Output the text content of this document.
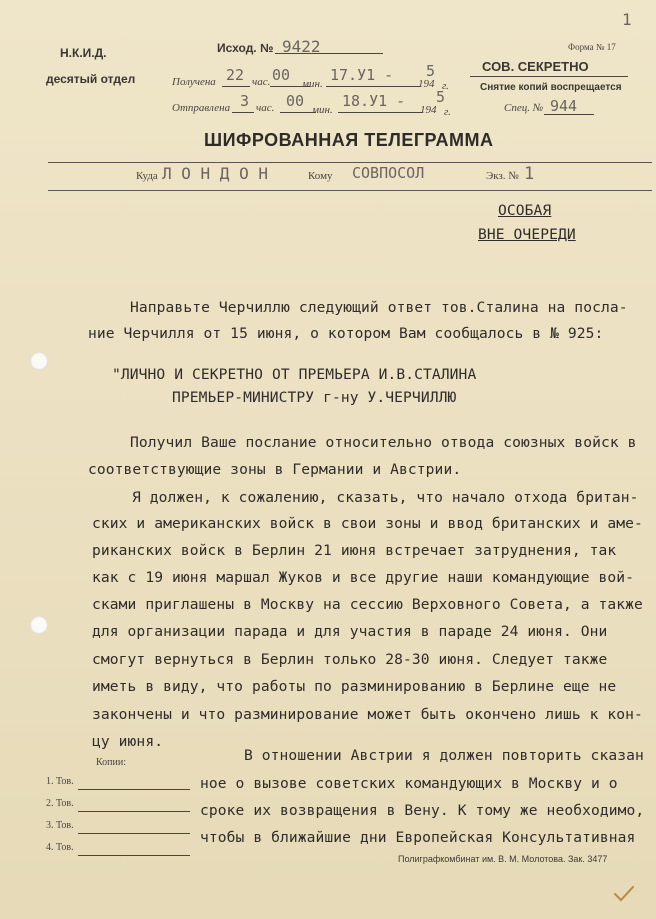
1
Н.К.И.Д.
десятый отдел
Исход. № 9422
Получена 22 час. 00 мин. 17.У1 - 5
194 г.
Отправлена 3 час. 00 мин. 18.У1 - 5
194 г.
Форма № 17
СОВ. СЕКРЕТНО
Снятие копий воспрещается
Спец. № 944
ШИФРОВАННАЯ ТЕЛЕГРАММА
Куда Л О Н Д О Н	Кому СОВПОСОЛ	Экз. № 1
ОСОБАЯ
ВНЕ ОЧЕРЕДИ
Направьте Черчиллю следующий ответ тов.Сталина на посла-
ние Черчилля от 15 июня, о котором Вам сообщалось в № 925:
"ЛИЧНО И СЕКРЕТНО ОТ ПРЕМЬЕРА И.В.СТАЛИНА
ПРЕМЬЕР-МИНИСТРУ г-ну У.ЧЕРЧИЛЛЮ
Получил Ваше послание относительно отвода союзных войск в
соответствующие зоны в Германии и Австрии.
Я должен, к сожалению, сказать, что начало отхода британ-
ских и американских войск в свои зоны и ввод британских и аме-
риканских войск в Берлин 21 июня встречает затруднения, так
как с 19 июня маршал Жуков и все другие наши командующие вой-
сками приглашены в Москву на сессию Верховного Совета, а также
для организации парада и для участия в параде 24 июня. Они
смогут вернуться в Берлин только 28-30 июня. Следует также
иметь в виду, что работы по разминированию в Берлине еще не
закончены и что разминирование может быть окончено лишь к кон-
цу июня.
В отношении Австрии я должен повторить сказан
ное о вызове советских командующих в Москву и о
сроке их возвращения в Вену. К тому же необходимо,
чтобы в ближайшие дни Европейская Консультативная
Копии:
1. Тов.
2. Тов.
3. Тов.
4. Тов.
Полиграфкомбинат им. В. М. Молотова. Зак. 3477
